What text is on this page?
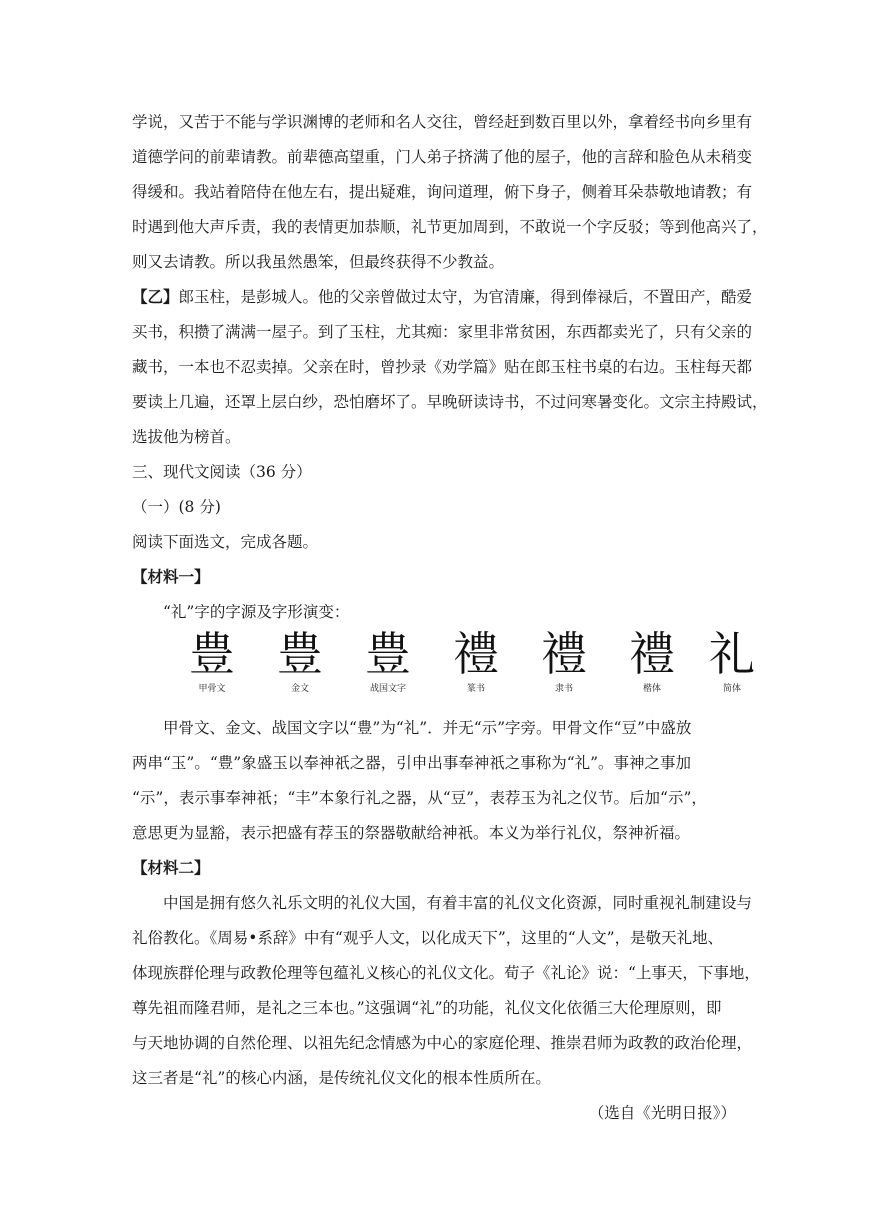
学说，又苦于不能与学识渊博的老师和名人交往，曾经赶到数百里以外，拿着经书向乡里有
道德学问的前辈请教。前辈德高望重，门人弟子挤满了他的屋子，他的言辞和脸色从未稍变
得缓和。我站着陪侍在他左右，提出疑难，询问道理，俯下身子，侧着耳朵恭敬地请教；有
时遇到他大声斥责，我的表情更加恭顺，礼节更加周到，不敢说一个字反驳；等到他高兴了，
则又去请教。所以我虽然愚笨，但最终获得不少教益。
【乙】郎玉柱，是彭城人。他的父亲曾做过太守，为官清廉，得到俸禄后，不置田产，酷爱
买书，积攒了满满一屋子。到了玉柱，尤其痴：家里非常贫困，东西都卖光了，只有父亲的
藏书，一本也不忍卖掉。父亲在时，曾抄录《劝学篇》贴在郎玉柱书桌的右边。玉柱每天都
要读上几遍，还罩上层白纱，恐怕磨坏了。早晚研读诗书，不过问寒暑变化。文宗主持殿试，
选拔他为榜首。
三、现代文阅读（36 分）
（一）(8 分)
阅读下面选文，完成各题。
【材料一】
“礼”字的字源及字形演变：
豊
甲骨文
豊
金文
豊
战国文字
禮
篆书
禮
隶书
禮
楷体
礼
简体
甲骨文、金文、战国文字以“豊”为“礼”．并无“示”字旁。甲骨文作“豆”中盛放
两串“玉”。“豊”象盛玉以奉神祇之器，引申出事奉神祇之事称为“礼”。事神之事加
“示”，表示事奉神祇；“丰”本象行礼之器，从“豆”，表荐玉为礼之仪节。后加“示”，
意思更为显豁，表示把盛有荐玉的祭器敬献给神祇。本义为举行礼仪，祭神祈福。
【材料二】
中国是拥有悠久礼乐文明的礼仪大国，有着丰富的礼仪文化资源，同时重视礼制建设与
礼俗教化。《周易•系辞》中有“观乎人文，以化成天下”，这里的“人文”，是敬天礼地、
体现族群伦理与政教伦理等包蕴礼义核心的礼仪文化。荀子《礼论》说：“上事天，下事地，
尊先祖而隆君师，是礼之三本也。”这强调“礼”的功能，礼仪文化依循三大伦理原则，即
与天地协调的自然伦理、以祖先纪念情感为中心的家庭伦理、推崇君师为政教的政治伦理，
这三者是“礼”的核心内涵，是传统礼仪文化的根本性质所在。
（选自《光明日报》）
